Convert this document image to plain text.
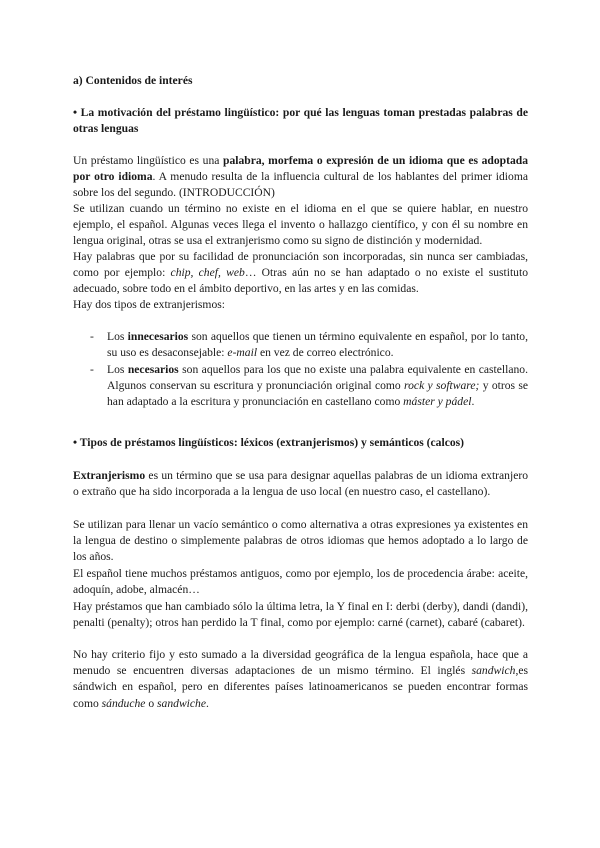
a) Contenidos de interés
• La motivación del préstamo lingüístico: por qué las lenguas toman prestadas palabras de otras lenguas
Un préstamo lingüístico es una palabra, morfema o expresión de un idioma que es adoptada por otro idioma. A menudo resulta de la influencia cultural de los hablantes del primer idioma sobre los del segundo. (INTRODUCCIÓN)
Se utilizan cuando un término no existe en el idioma en el que se quiere hablar, en nuestro ejemplo, el español. Algunas veces llega el invento o hallazgo científico, y con él su nombre en lengua original, otras se usa el extranjerismo como su signo de distinción y modernidad.
Hay palabras que por su facilidad de pronunciación son incorporadas, sin nunca ser cambiadas, como por ejemplo: chip, chef, web… Otras aún no se han adaptado o no existe el sustituto adecuado, sobre todo en el ámbito deportivo, en las artes y en las comidas.
Hay dos tipos de extranjerismos:
- Los innecesarios son aquellos que tienen un término equivalente en español, por lo tanto, su uso es desaconsejable: e-mail en vez de correo electrónico.
- Los necesarios son aquellos para los que no existe una palabra equivalente en castellano. Algunos conservan su escritura y pronunciación original como rock y software; y otros se han adaptado a la escritura y pronunciación en castellano como máster y pádel.
• Tipos de préstamos lingüísticos: léxicos (extranjerismos) y semánticos (calcos)
Extranjerismo es un término que se usa para designar aquellas palabras de un idioma extranjero o extraño que ha sido incorporada a la lengua de uso local (en nuestro caso, el castellano).
Se utilizan para llenar un vacío semántico o como alternativa a otras expresiones ya existentes en la lengua de destino o simplemente palabras de otros idiomas que hemos adoptado a lo largo de los años.
El español tiene muchos préstamos antiguos, como por ejemplo, los de procedencia árabe: aceite, adoquín, adobe, almacén…
Hay préstamos que han cambiado sólo la última letra, la Y final en I: derbi (derby), dandi (dandi), penalti (penalty); otros han perdido la T final, como por ejemplo: carné (carnet), cabaré (cabaret).
No hay criterio fijo y esto sumado a la diversidad geográfica de la lengua española, hace que a menudo se encuentren diversas adaptaciones de un mismo término. El inglés sandwich,es sándwich en español, pero en diferentes países latinoamericanos se pueden encontrar formas como sánduche o sandwiche.
